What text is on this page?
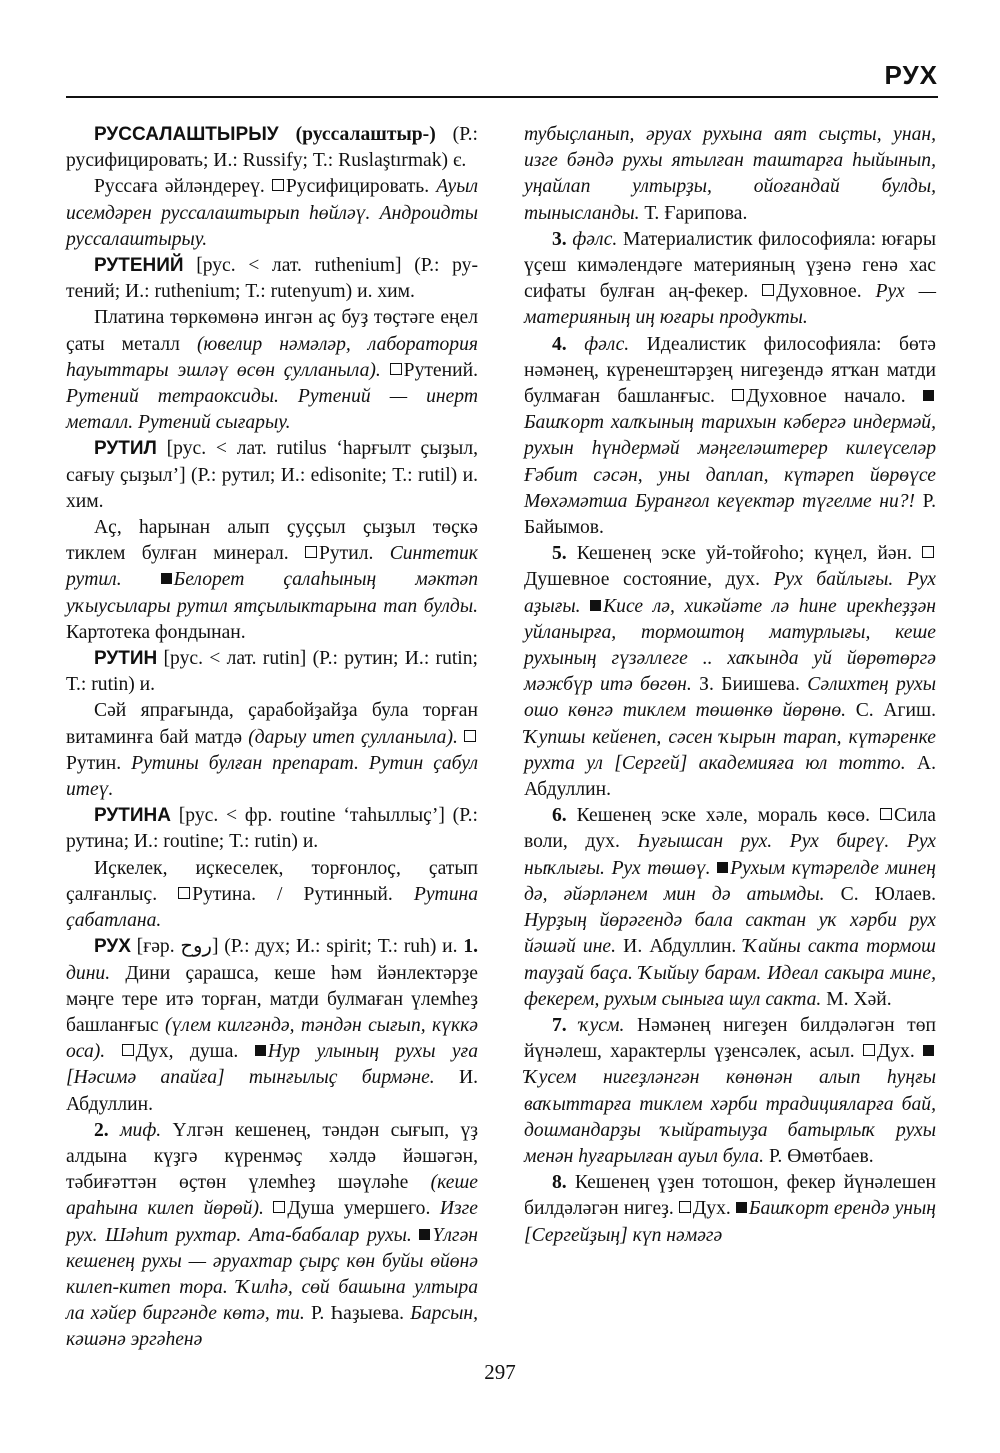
РУХ

РУССАЛАШТЫРЫУ (руссалаштыр-) (Р.: русифицировать; И.: Russify; Т.: Ruslaştırmak) є.

Руссаға әйләндереү. Русифицировать. Ауыл исемдәрен руссалаштырып һөйләү. Андроидты руссалаштырыу.

РУТЕНИЙ [рус. < лат. ruthenium] (Р.: рутений; И.: ruthenium; Т.: rutenyum) и. хим.

Платина төркөмөнә ингән аҫ буҙ төҫтәге еңел ҫаты металл (ювелир нәмәләр, лаборатория һауыттары эшләү өсөн ҫулланыла). Рутений. Рутений тетраоксиды. Рутений — инерт металл. Рутений сығарыу.

РУТИЛ [рус. < лат. rutilus ‘һарғылт ҫыҙыл, сағыу ҫыҙыл’] (Р.: рутил; И.: edisonite; Т.: rutil) и. хим.

Аҫ, һарынан алып ҫуҫҫыл ҫыҙыл төҫкә тиклем булған минерал. Рутил. Синтетик рутил.	Белорет ҫалаһының мәктәп уҡыусылары рутил ятҫылыктарына тап булды. Картотека фондынан.

РУТИН [рус. < лат. rutin] (Р.: рутин; И.: rutin; Т.: rutin) и.

Сәй япрағында, ҫарабойҙайҙа була торған витаминға бай матдә (дарыу итеп ҫулланыла). Рутин. Рутины булған препарат. Рутин ҫабул итеү.

РУТИНА [рус. < фр. routine ‘таһыллыҫ’] (Р.: рутина; И.: routine; Т.: rutin) и.

Иҫкелек, иҫкеселек, торғонлоҫ, ҫатып ҫалғанлыҫ. Рутина. / Рутинный. Рутина ҫабатлана.

РУХ [ғәр. روح] (Р.: дух; И.: spirit; Т.: ruh) и. 1. дини. Дини ҫарашса, кеше һәм йәнлектәрҙе мәңге тере итә торған, матди булмаған үлемһеҙ башланғыс (үлем килгәндә, тәндән сығып, күккә оса). Дух, душа. Нур улының рухы уға [Нәсимә апайға] тынғылыҫ бирмәне. И. Абдуллин.

2. миф. Үлгән кешенең, тәндән сығып, үҙ алдына күҙгә күренмәҫ хәлдә йәшәгән, тәбиғәттән өҫтөн үлемһеҙ шәүләһе (кеше араһына килеп йөрөй). Душа умершего. Изге рух. Шәһит рухтар. Ата-бабалар рухы. Үлгән кешенең рухы — әруахтар ҫырҫ көн буйы өйөнә килеп-китеп тора. Ҡилһә, сөй башына ултыра ла хәйер биргәнде көтә, ти. Р. Һаҙыева. Барсын, кәшәнә эргәһенә

тубыҫланып, әруах рухына аят сыҫты, унан, изге бәндә рухы ятылған таштарға һыйынып, уңайлап ултырҙы, ойоғандай булды, тынысланды. Т. Ғарипова.

3. фәлс. Материалистик философияла: юғары үҫеш кимәлендәге материяның үҙенә генә хас сифаты булған аң-фекер. Духовное. Рух — материяның иң юғары продукты.

4. фәлс. Идеалистик философияла: бөтә нәмәнең, күренештәрҙең нигеҙендә ятҡан матди булмаған башланғыс. Духовное начало. Башҡорт халҡының тарихын кәбергә индермәй, рухын һүндермәй мәңгеләштерер килеүселәр Ғәбит сәсән, уны даплап, күтәреп йөрөүсе Мөхәмәтша Буранғол кеүектәр түгелме ни?! Р. Байымов.

5. Кешенең эске уй-тойғоһо; күңел, йән. Душевное состояние, дух. Рух байлығы. Рух аҙығы. Кисе лә, хикәйәте лә һине ирекһеҙҙән уйланырға, тормоштоң матурлығы, кеше рухының гүзәллеге .. хаҡында уй йөрөтөргә мәжбүр итә бөгөн. З. Биишева. Сәлихтең рухы ошо көнгә тиклем төшөнкө йөрөнө. С. Агиш. Ҡупшы кейенеп, сәсен ҡырын тарап, күтәренке рухта ул [Сергей] академияға юл тотто. А. Абдуллин.

6. Кешенең эске хәле, мораль көсө. Сила воли, дух. Һуғышсан рух. Рух биреү. Рух ныҡлығы. Рух төшөү. Рухым күтәрелде минең дә, әйәрләнем мин дә атымды. С. Юлаев. Нурҙың йөрәгендә бала сактан уҡ хәрби рух йәшәй ине. И. Абдуллин. Ҡайны сакта тормош тауҙай баҫа. Ҡыйыу барам. Идеал сакыра мине, фекерем, рухым сыныға шул сакта. М. Хәй.

7. ҡусм. Нәмәнең нигеҙен билдәләгән төп йүнәлеш, характерлы үҙенсәлек, асыл. Дух. Ҡусем нигеҙләнгән көнөнән алып һуңғы ваҡыттарға тиклем хәрби традицияларға бай, дошмандарҙы ҡыйратыуҙа батырлыҡ рухы менән һуғарылған ауыл була. Р. Өмөтбаев.

8. Кешенең үҙен тотошон, фекер йүнәлешен билдәләгән нигеҙ. Дух. Башҡорт ерендә уның [Сергейҙың] күп нәмәгә

297
